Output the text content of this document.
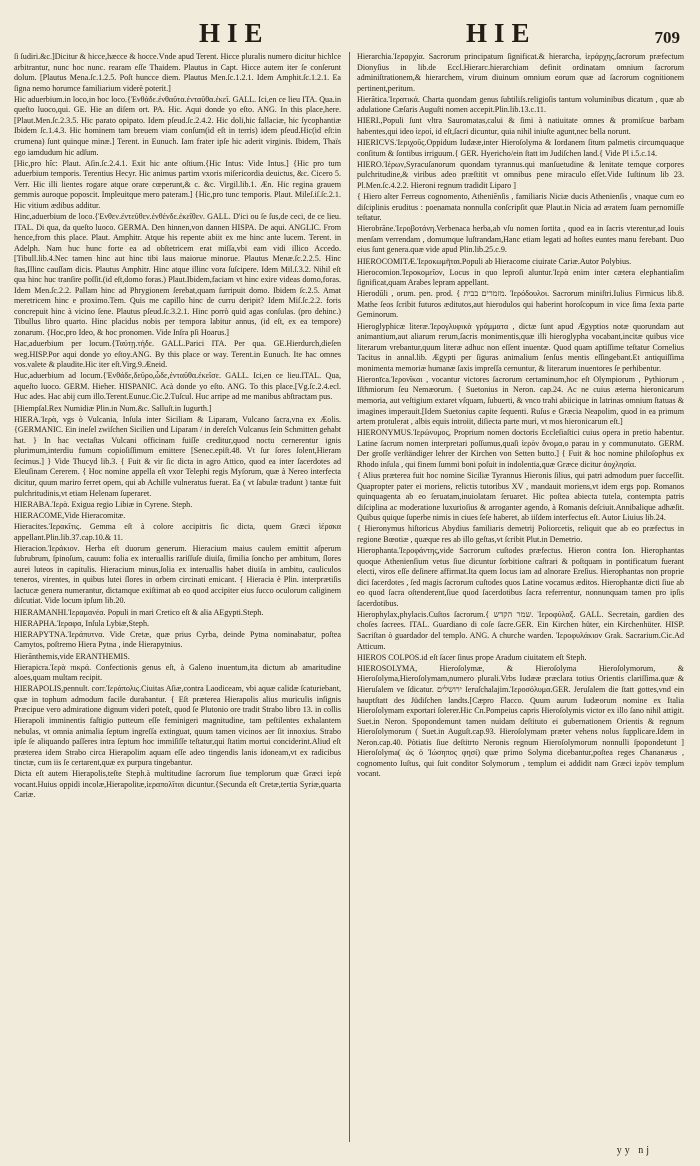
HIE	HIE	709

ſi ſudiri.&c.]Dicitur & hicce,hæcce & hocce.Vnde apud Terent. Hicce pluralis numero dicitur hichlce arbitrantur, nunc hoc nunc. rearam eſſe Thaidem. Plautus in Capt. Hicce autem iter ſe conſerunt dolum. [Plautus Mena.ſc.1.2.5. Poſt huncce diem. Plautus Men.ſc.1.2.1. Idem Amphit.ſc.1.2.1. Ea ſigna nemo horumce familiarium viderè poterit.]

Hic aduerbium.in loco,in hoc loco.{Ἐνθάδε.ἐνθαῦτα.ἐνταῦθα.ἐκεῖ. GALL. Ici,en ce lieu ITA. Qua.in queſto luoco,qui. GE. Hie an diſem ort. PA. Hic. Aqui donde yo eſto. ANG. In this place,here. [Plaut.Men.ſc.2.3.5. Hic parato opipato. Idem pſeud.ſc.2.4.2. Hic doli,hic fallaciæ, hic ſycophantiæ Ibidem ſc.1.4.3. Hic hominem tam breuem viam conſum(id eſt in terris) idem pſeud.Hic(id eſt:in crumena) ſunt quinque minæ.] Terent. in Eunuch. Iam frater ipſe hic aderit virginis. Ibidem, Thaïs ego iamdudum hic adſum.

[Hic,pro hîc: Plaut. Aſin.ſc.2.4.1. Exit hic ante oſtium.{Hic Intus: Vide Intus.] {Hic pro tum aduerbium temporis. Terentius Hecyr. Hic animus partim vxoris miſericordia deuictus, &c. Cicero 5. Verr. Hic illi lientes rogare atque orare cœperunt,& c. &c. Virgil.lib.1. Æn. Hic regina grauem gemmis auroque poposcit. Impleuitque mero pateram.] {Hic,pro tunc temporis. Plaut. Mileſ.iſ.ſc.2.1. Hic vitium ædibus additur.

Hinc,aduerbium de loco.{Ἐνθεν.ἐντεῦθεν.ἐνθένδε.ἐκεῖθεν. GALL. D'ici ou ſe ſus,de ceci, de ce lieu. ITAL. Di qua, da queſto luoco. GERMA. Den hinnen,von dannen HISPA. De aqui. ANGLIC. From hence,from this place. Plaut. Amphitr. Atque his repente abiit ex me hinc ante lucem. Terent. in Adelph. Nam huc hunc forte ea ad obſtetricem erat miſſa,vbi eam vidi illico Accedo. [Tibull.lib.4.Nec tamen hinc aut hinc tibi laus maiorue minorue. Plautus Menæ.ſc.2.2.5. Hinc ſtas,Illinc cauſſam dicis. Plautus Amphitr. Hinc atque illinc vora ſuſcipere. Idem Mil.ſ.3.2. Nihil eſt qua hinc huc tranſire poſſit.(id eſt,domo foras.) Plaut.Ibidem,faciam vt hinc exire videas domo,foras. Idem Men.ſc.2.2. Pallam hinc ad Phrygionem ſerebat,quam ſurripuit domo. Ibidem ſc.2.5. Amat meretricem hinc e proximo.Tem. Quis me capillo hinc de curru deripit? Idem Miſ.ſc.2.2. foris concrepuit hinc à vicino ſene. Plautus pſeud.ſc.3.2.1. Hinc porrò quid agas conſulas. (pro dehinc.) Tibullus libro quarto. Hinc placidus nobis per tempora labitur annus, (id eſt, ex ea tempore) zonarum. {Hoc,pro Ideo, & hoc pronomen. Vide Inſra pſi Hoarus.]

Hac,aduerbium per locum.{Ταύτῃ.τήδε. GALL.Parici ITA. Per qua. GE.Hierdurch,dieſen weg.HISP.Por aqui donde yo eſtoy.ANG. By this place or way. Terent.in Eunuch. Ite hac omnes vos.valete & plaudite.Hic iter eſt.Virg.9.Æneid.

Huc,aduerbium ad locum.{Ἐνθάδε,δεῦρο,ὧδε,ἐνταῦθα.ἐκεῖσε. GALL. Ici,en ce lieu.ITAL. Qua, aqueſto luoco. GERM. Hieher. HISPANIC. Acà donde yo eſto. ANG. To this place.[Vg.ſc.2.4.ecl. Huc ades. Hac abij cum illo.Terent.Eunuc.Cic.2.Tuſcul. Huc arripe ad me manibus abſtractam pus.

[Hiempſal.Rex Numidiæ Plin.in Num.&c. Salluſt.in Iugurth.]

HIERA.Ἱερὰ, vgs ò Vulcania, Inſula inter Siciliam & Liparam, Vulcano ſacra,vna ex Æolis. {GERMANIC. Ein ineſel zwiſchen Sicilien und Liparam / in dereſch Vulcanus ſein Schmitten gehabt hat. } In hac vectaſtas Vulcani officinam fuiſſe creditur,quod noctu cernerentur ignis plurimum,interdiu fumum copioſiſſimum emittere [Senec.epiſt.48. Vt ſur ſores ſolent,Hieram ſecimus.] } Vide Thucyd lib.3. { Fuit & vir ſic dicta in agro Attico, quod ea inter ſacerdotes ad Eleuſinam Cererem. { Hoc nomine appella eſt vxor Telephi regis Myſorum, quæ à Nereo interfecta dicitur, quum mariro ferret opem, qui ab Achille vulneratus fuerat. Ea ( vt ſabulæ tradunt ) tantæ fuit pulchritudinis,vt etiam Helenam ſuperaret.

HIERABA.Ἱερὰ. Exigua regio Libiæ in Cyrene. Steph.

HIERACOME,Vide Hieracomitæ.

Hieracites.Ἱερακῖτις. Gemma eſt à colore accipitris ſic dicta, quem Græci ἱέρακα appellant.Plin.lib.37.cap.10.& 11.

Hieracion.Ἱεράκιον. Herba eſt duorum generum. Hieracium maius caulem emittit aſperum ſubrubrum, ſpinoſum, cauum: folia ex interuallis rariſſuſe diuiſa, ſimilia ſoncho per ambitum, ſlores aurei luteos in capitulis. Hieracium minus,ſolia ex interuallis habet diuiſa in ambitu, cauliculos teneros, virentes, in quibus lutei ſlores in orbem circinati emicant. { Hieracia è Plin. interprætiſis lactucæ genera numerantur, dictamque exiſtimat ab eo quod accipiter eius ſucco oculorum caliginem diſcutiat. Vide locum ipſum lib.20.

HIERAMANHI.Ἱεραμανέα. Populi in mari Cretico eſt & alia AEgypti.Steph.

HIERAPHA.Ἱεραφα, Inſula Lybiæ,Steph.

HIERAPYTNA.Ἱεράπυτνα. Vide Cretæ, quæ prius Cyrba, deinde Pytna nominabatur, poſtea Camytos, poſtremo Hiera Pytna , inde Hierapytnius.

Hierānthemis,vide ERANTHEMIS.

Hierapicra.Ἱερὰ πικρά. Confectionis genus eſt, à Galeno inuentum,ita dictum ab amaritudine aloes,quam multam recipit.

HIERAPOLIS,pennult. corr.Ἱεράπολις.Ciuitas Aſiæ,contra Laodiceam, vbi aquæ calidæ ſcaturiebant, quæ in tophum admodum facile durabantur. { Eſt præterea Hierapolis alius muriculis inſignis Præcipue vero admiratione dignum videri poteſt, quod ſe Plutonio ore tradit Strabo libro 13. in collis Hierapoli imminentis faſtigio putteum eſſe feminigeri magnitudine, tam peſtilentes exhalantem nebulas, vt omnia animalia ſeptum ingreſſa extinguat, quum tamen vicinos aer ſit innoxius. Strabo ipſe ſe aliquando paſſeres intra ſeptum hoc immiſiſſe teſtatur,qui ſtatim mortui conciderint.Aliud eſt præterea idem Strabo circa Hierapolim aquam eſſe adeo tingendis lanis idoneam,vt ex radicibus tinctæ, cum iis ſe certarent,quæ ex purpura tingebantur.

Dicta eſt autem Hierapolis,teſte Steph.à multitudine ſacrorum ſiue templorum quæ Græci ἱερὰ vocant.Huius oppidi incolæ,Hierapolitæ,ἱεραπολῖται dicuntur.{Secunda eſt Cretæ,tertia Syriæ,quarta Cariæ.

Hierarchia.Ἱεραρχία. Sacrorum principatum ſignificat.& hierarcha, ἱεράρχης,ſacrorum præfectum Dionyſius in lib.de Eccl.Hierarc.hierarchiam definit ordinatam omnium ſacrorum adminiſtrationem,& hierarchem, virum diuinum omnium eorum quæ ad ſacrorum cognitionem pertinent,peritum.

Hierātica.Ἱερατικά. Charta quondam genus ſubtiliſs.religioſis tantum voluminibus dicatum , quæ ab adulatione Cæſaris Auguſti nomen accepit.Plin.lib.13.c.11.

HIERI.,Populi ſunt vltra Sauromatas,calui & ſimi à natiuitate omnes & promiſcue barbam habentes,qui ideo ἱεροί, id eſt,ſacri dicuntur, quia nihil iniuſte agunt,nec bella norunt.

HIERICVS.Ἱεριχοῦς.Oppidum Iudææ,inter Hieroſolyma & Iordanem ſitum palmetis circumquaque conſitum & ſontibus irriguum.{ GER. Hyericho/ein ſtatt im Judiſchen land.{ Vide Pl i.5.c.14.

HIERO.Ἱέρων,Syracuſanorum quondam tyrannus.qui manſuetudine & lenitate temque corpores pulchritudine,& viribus adeo præſtitit vt omnibus pene miraculo eſſet.Vide Iuſtinum lib 23. Pl.Men.ſc.4.2.2. Hieroni regnum tradidit Liparo ]

{ Hiero alter Ferreus cognomento, Atheniēnſis , familiaris Niciæ ducis Athenienſis , vnaque cum eo diſciplinis eruditus : poenamata nonnulla conſcripſit quæ Plaut.in Nicia ad æratem ſuam pernomiſſe teſtatur.

Hierobrāne.Ἱεροβοτάνη.Verbenaca herba,ab vſu nomen ſortita , quod ea in ſacris vterentur,ad Iouis menſam verrendam , domumque luſtrandam,Hanc etiam legati ad hoſtes euntes manu ferebant. Duo eius ſunt genera.quæ vide apud Plin.lib.25.c.9.

HIEROCOMITÆ.Ἱεροκωμῆται.Populi ab Hieracome ciuirate Cariæ.Autor Polybius.

Hierocomion.Ἱεροκομεῖον, Locus in quo leproſi aluntur.Ἱερὰ enim inter cætera elephantiaſim ſignificat,quam Arabes lepram appellant.

Hierodūli , orum. pen. prod. { מזמרים בבית. Ἱερόδουλοι. Sacrorum miniſtri.Iulius Firmicus lib.8. Mathe ſeos ſcribit futuros æditutos,aut hierodulos qui haberint horoſcopum in vice ſima ſexta parte Geminorum.

Hieroglyphicæ literæ.Ἱερογλυφικὰ γράμματα , dictæ ſunt apud Ægyptios notæ quorundam aut animantium,aut aliarum rerum,ſacris monimentis,quæ illi hieroglypha vocabant,incitæ quibus vice literarum vrebantur,quum literæ adhuc non eſſent inuentæ. Quod quam aptiſſime teſtatur Cornelius Tacitus in annal.lib. Ægypti per ſiguras animalium ſenſus mentis eſſingebant.Et antiquiſſima monimenta memoriæ humanæ ſaxis impreſſa cernuntur, & literarum inuentores ſe perhibentur.

Hieronīca.Ἱερονῖκαι , vocantur victores ſacrorum certaminum,hoc eſt Olympiorum , Pythiorum , Iſthmiorum ſeu Nemæorum. { Suetonius in Neron. cap.24. Ac ne cuius æterna hieronicarum memoria, aut veſtigium extaret vſquam, ſubuerti, & vnco trahi abiicique in latrinas omnium ſtatuas & imagines imperauit.[Idem Suetonius capite ſequenti. Ruſus e Græcia Neapolim, quod in ea primum artem protulerat , albis equis introiit, diſiecta parte muri, vt mos hieronicarum eſt.]

HIERONYMUS.Ἱερώνυμος, Proprium nomen doctoris Eccleſiaſtici cuius opera in pretio habentur. Latine ſacrum nomen interpretari poſſumus,quaſi ἱερὸν ὄνομα,o parau in y communutato. GERM. Der groſſe verſtändiger lehrer der Kirchen von Setten butto.] { Fuit & hoc nomine philoſophus ex Rhodo inſula , qui finem ſummi boni poſuit in indolentia,quæ Græce dicitur ἀοχλησία.

{ Alius præterea fuit hoc nomine Siciliæ Tyrannus Hieronis ſilius, qui patri admodum puer ſucceſſit. Quapropter pater ei moriens, relictis tutoribus XV , mandauit moriens,vt idem ergs pop. Romanos quinquagenta ab eo ſeruatam,inuiolatam ſeruaret. Hic poſtea abiecta tutela, contempta patris diſciplina ac moderatione luxurioſius & arroganter agendo, à Romanis deſciuit.Annibalique adhæſit. Quibus quique ſuperbe nimis in ciues ſeſe haberet, ab iiſdem interfectus eſt. Autor Liuius lib.24.

{ Hieronymus hiſtoricus Abydius familiaris demetrij Poliorcetis, reliquit que ab eo præfectus in regione Bœotiæ , quæque res ab illo geſtas,vt ſcribit Plut.in Demetrio.

Hierophanta.Ἱεροφάντης,vide Sacrorum cuſtodes præfectus. Hieron contra Ion. Hierophantas quoque Athenienſium vetus ſiue dicuntur ſorbitione caſtrari & poſtquam in pontificatum fuerant electi, viros eſſe deſinere affirmat.Ita quem Iocus iam ad alnorare Ereſius. Hierophantas non proprie dici ſacerdotes , ſed magis ſacrorum cuſtodes quos Latine vocamus æditos. Hierophantæ dicti ſiue ab eo quod ſacra oſtenderent,ſiue quod ſacerdotibus ſacra referrentur, nonnunquam tamen pro ipſis ſacerdotibus.

Hierophylax,phylacis.Cuſtos ſacrorum.{ שמר הקדש. Ἱεροφύλαξ. GALL. Secretain, gardien des choſes ſacrees. ITAL. Guardiano di coſe ſacre.GER. Ein Kirchen hüter, ein Kirchenhüter. HISP. Sacriſtan ò guardador del templo. ANG. A churche warden. Ἱεροφυλάκιον Grak. Sacrarium.Cic.Ad Atticum.

HIEROS COLPOS.id eſt ſacer ſinus prope Aradum ciuitatem eſt Steph.

HIEROSOLYMA, Hieroſolymæ, & Hieroſolyma Hieroſolymorum, & Hieroſolyma,Hieroſolymam,numero plurali.Vrbs Iudææ præclara totius Orientis clariſſima.quæ & Hieruſalem ve ſdicatur. ירושלים Ieruſchalajim.Ἱεροσόλυμα.GER. Jeruſalem die ſtatt gottes,vnd ein hauptſtatt des Jüdiſchen landts.[Cæpro Flacco. Quum aurum Iudæorum nomine ex Italia Hieroſolymam exportari ſolerer.Hic Cn.Pompeius capris Hieroſolymis victor ex illo ſano nihil attigit. Suet.in Neron. Spopondemunt tamen nuidam deſtituto ei gubernationem Orientis & regnum Hieroſolymorum ( Suet.in Auguſt.cap.93. Hieroſolymam præter vehens nolus ſupplicare.Idem in Neron.cap.40. Pòtiatis ſiue deſtitrto Neronis regnum Hieroſolymorum nonnulli ſpopondetunt ] Hieroſolyma( ὡς ὁ Ἰώσηπος φησί) quæ primo Solyma dicebantur,poſtea reges Chananæus , cognomento Iuſtus, qui ſuit conditor Solymorum , templum ei addidit nam Græci ἱερὸν templum vocant.

yy nj
